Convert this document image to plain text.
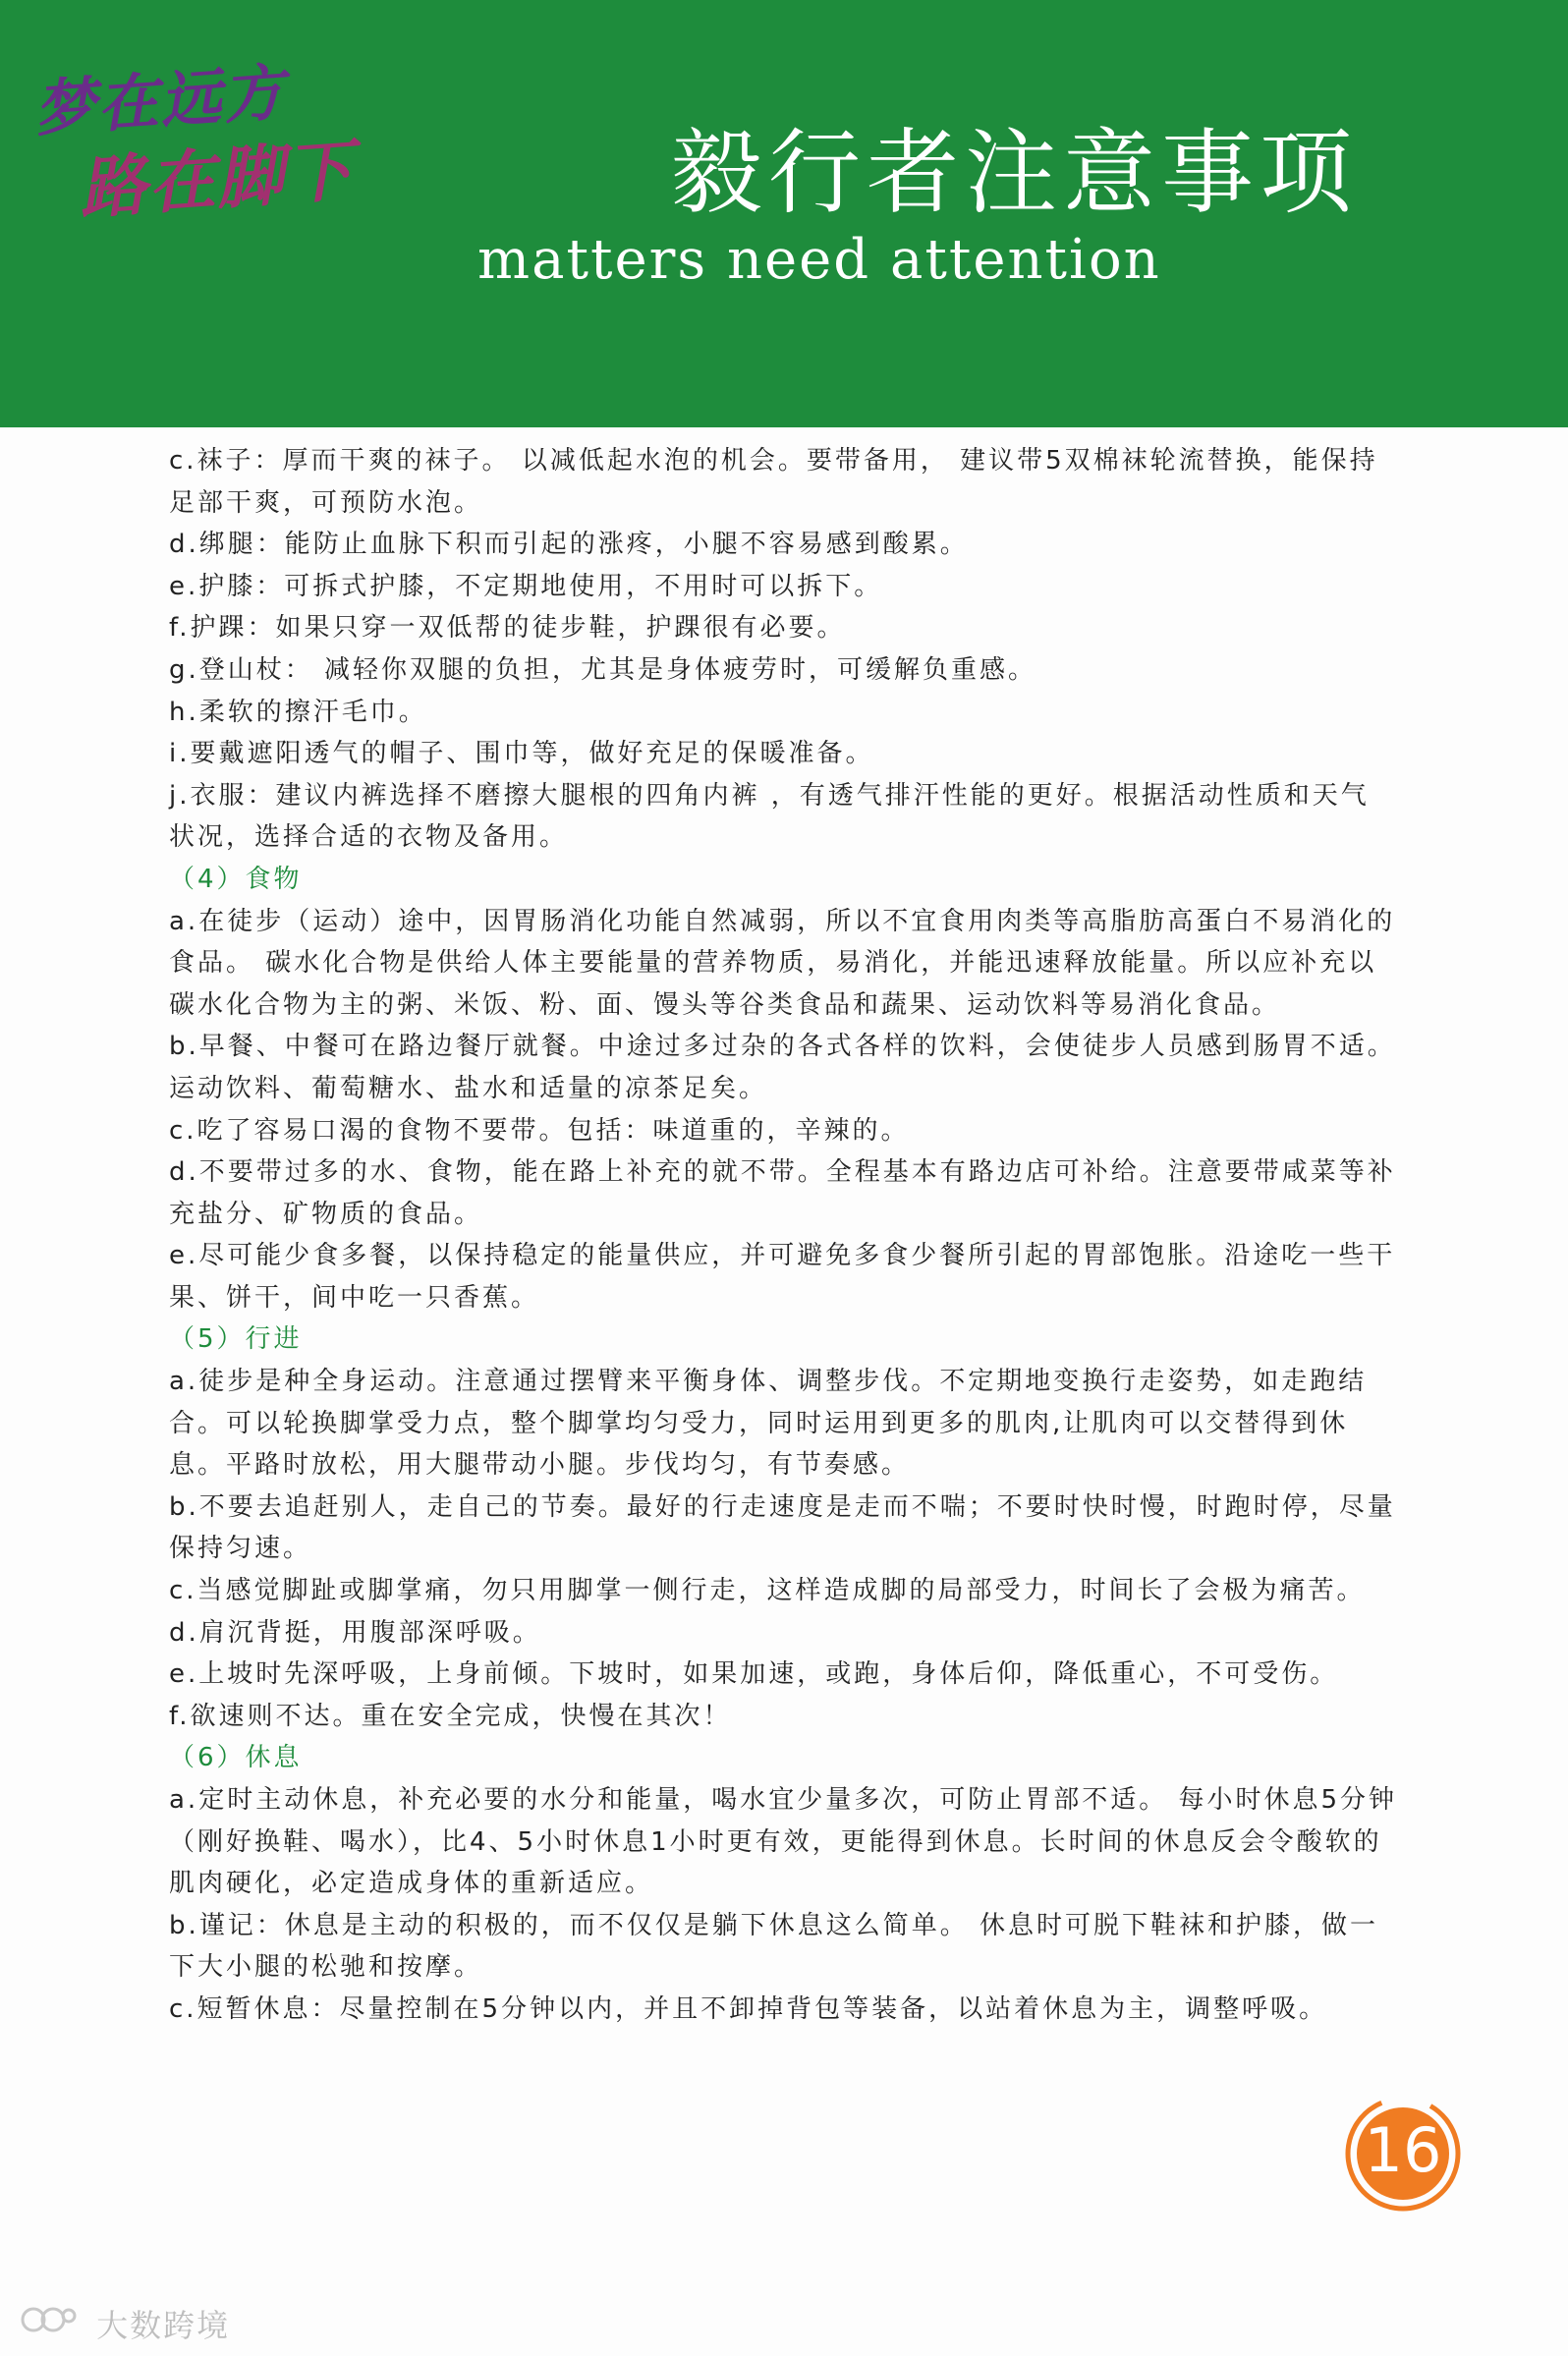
梦在远方
路在脚下	毅行者注意事项
matters need attention

c.袜子：厚而干爽的袜子。 以减低起水泡的机会。要带备用， 建议带5双棉袜轮流替换，能保持足部干爽，可预防水泡。

d.绑腿：能防止血脉下积而引起的涨疼，小腿不容易感到酸累。

e.护膝：可拆式护膝，不定期地使用，不用时可以拆下。

f.护踝：如果只穿一双低帮的徒步鞋，护踝很有必要。

g.登山杖： 减轻你双腿的负担，尤其是身体疲劳时，可缓解负重感。

h.柔软的擦汗毛巾。

i.要戴遮阳透气的帽子、围巾等，做好充足的保暖准备。

j.衣服：建议内裤选择不磨擦大腿根的四角内裤 ，有透气排汗性能的更好。根据活动性质和天气状况，选择合适的衣物及备用。

（4）食物

a.在徒步（运动）途中，因胃肠消化功能自然减弱，所以不宜食用肉类等高脂肪高蛋白不易消化的食品。 碳水化合物是供给人体主要能量的营养物质，易消化，并能迅速释放能量。所以应补充以碳水化合物为主的粥、米饭、粉、面、馒头等谷类食品和蔬果、运动饮料等易消化食品。

b.早餐、中餐可在路边餐厅就餐。中途过多过杂的各式各样的饮料，会使徒步人员感到肠胃不适。运动饮料、葡萄糖水、盐水和适量的凉茶足矣。

c.吃了容易口渴的食物不要带。包括：味道重的，辛辣的。

d.不要带过多的水、食物，能在路上补充的就不带。全程基本有路边店可补给。注意要带咸菜等补充盐分、矿物质的食品。

e.尽可能少食多餐，以保持稳定的能量供应，并可避免多食少餐所引起的胃部饱胀。沿途吃一些干果、饼干，间中吃一只香蕉。

（5）行进

a.徒步是种全身运动。注意通过摆臂来平衡身体、调整步伐。不定期地变换行走姿势，如走跑结合。可以轮换脚掌受力点，整个脚掌均匀受力，同时运用到更多的肌肉,让肌肉可以交替得到休息。平路时放松，用大腿带动小腿。步伐均匀，有节奏感。

b.不要去追赶别人，走自己的节奏。最好的行走速度是走而不喘；不要时快时慢，时跑时停，尽量保持匀速。

c.当感觉脚趾或脚掌痛，勿只用脚掌一侧行走，这样造成脚的局部受力，时间长了会极为痛苦。

d.肩沉背挺，用腹部深呼吸。

e.上坡时先深呼吸，上身前倾。下坡时，如果加速，或跑，身体后仰，降低重心，不可受伤。

f.欲速则不达。重在安全完成，快慢在其次！

（6）休息

a.定时主动休息，补充必要的水分和能量，喝水宜少量多次，可防止胃部不适。 每小时休息5分钟（刚好换鞋、喝水），比4、5小时休息1小时更有效，更能得到休息。长时间的休息反会令酸软的肌肉硬化，必定造成身体的重新适应。

b.谨记：休息是主动的积极的，而不仅仅是躺下休息这么简单。 休息时可脱下鞋袜和护膝，做一下大小腿的松驰和按摩。

c.短暂休息：尽量控制在5分钟以内，并且不卸掉背包等装备，以站着休息为主，调整呼吸。

16
大数跨境
